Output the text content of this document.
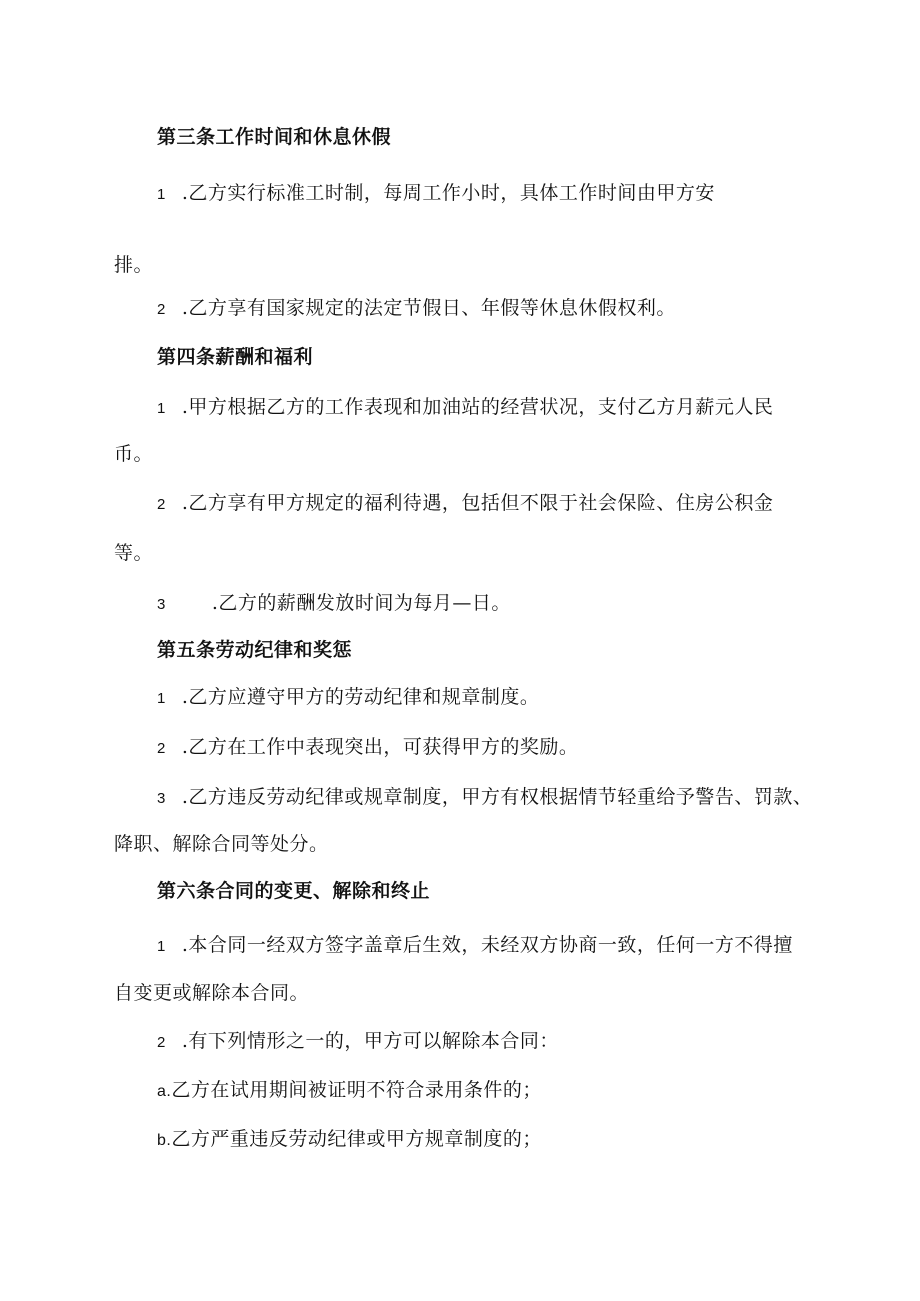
第三条工作时间和休息休假
1 .乙方实行标准工时制，每周工作小时，具体工作时间由甲方安
排。
2 .乙方享有国家规定的法定节假日、年假等休息休假权利。
第四条薪酬和福利
1 .甲方根据乙方的工作表现和加油站的经营状况，支付乙方月薪元人民
币。
2 .乙方享有甲方规定的福利待遇，包括但不限于社会保险、住房公积金
等。
3 .乙方的薪酬发放时间为每月—日。
第五条劳动纪律和奖惩
1 .乙方应遵守甲方的劳动纪律和规章制度。
2 .乙方在工作中表现突出，可获得甲方的奖励。
3 .乙方违反劳动纪律或规章制度，甲方有权根据情节轻重给予警告、罚款、
降职、解除合同等处分。
第六条合同的变更、解除和终止
1 .本合同一经双方签字盖章后生效，未经双方协商一致，任何一方不得擅
自变更或解除本合同。
2 .有下列情形之一的，甲方可以解除本合同：
a.乙方在试用期间被证明不符合录用条件的；
b.乙方严重违反劳动纪律或甲方规章制度的；
